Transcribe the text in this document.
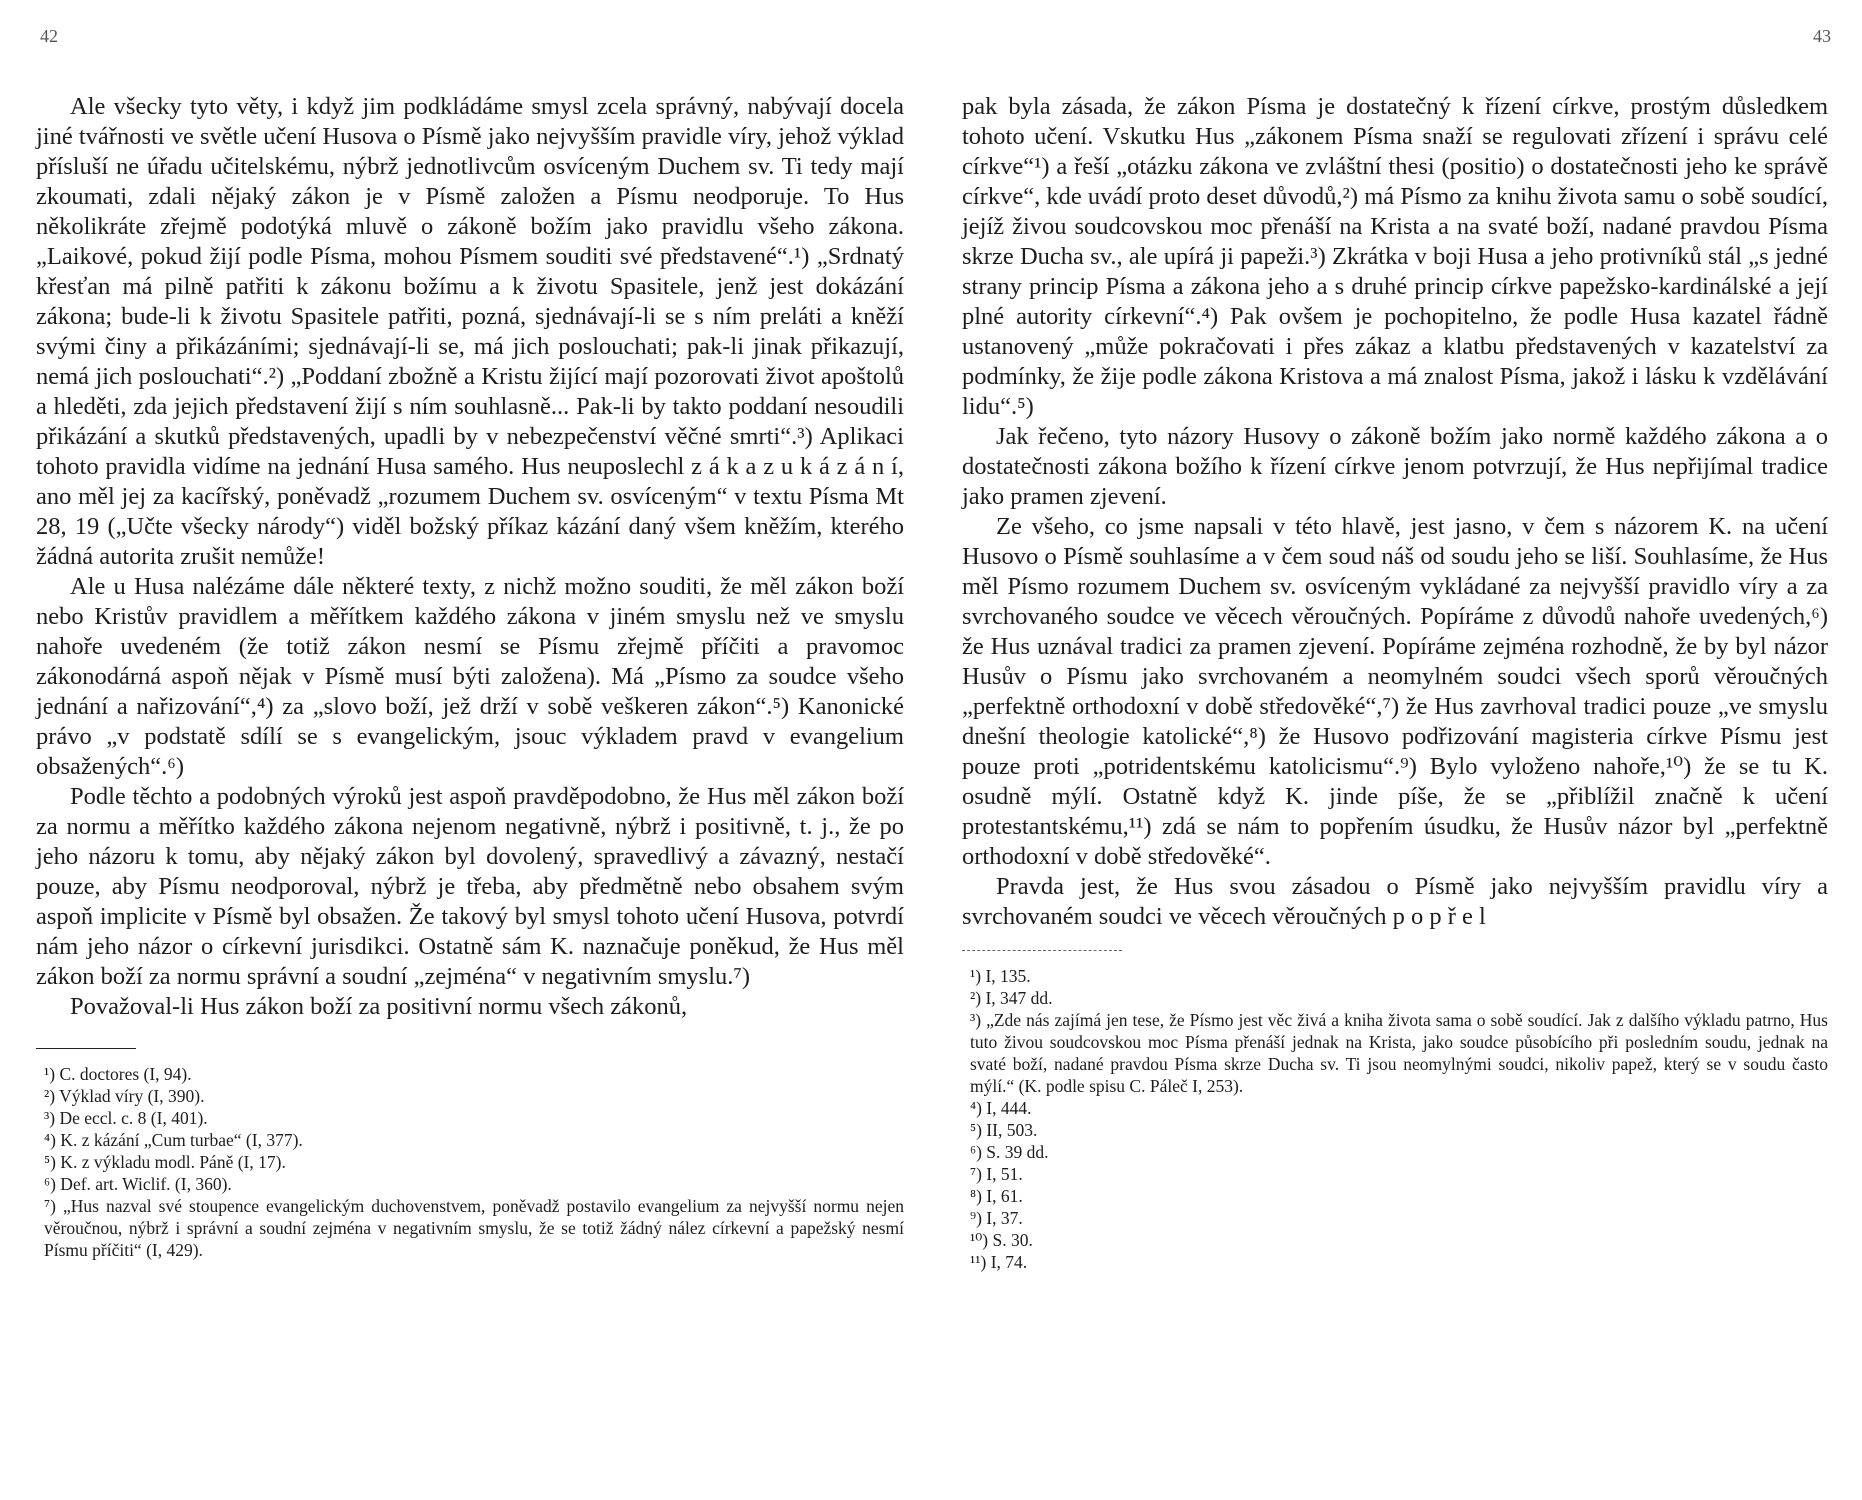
42	43

Ale všecky tyto věty, i když jim podkládáme smysl zcela správný, nabývají docela jiné tvářnosti ve světle učení Husova o Písmě jako nejvyšším pravidle víry, jehož výklad přísluší ne úřadu učitelskému, nýbrž jednotlivcům osvíceným Duchem sv. Ti tedy mají zkoumati, zdali nějaký zákon je v Písmě založen a Písmu neodporuje. To Hus několikráte zřejmě podotýká mluvě o zákoně božím jako pravidlu všeho zákona. „Laikové, pokud žijí podle Písma, mohou Písmem souditi své představené“.¹) „Srdnatý křesťan má pilně patřiti k zákonu božímu a k životu Spasitele, jenž jest dokázání zákona; bude-li k životu Spasitele patřiti, pozná, sjednávají-li se s ním preláti a kněží svými činy a přikázáními; sjednávají-li se, má jich poslouchati; pak-li jinak přikazují, nemá jich poslouchati“.²) „Poddaní zbožně a Kristu žijící mají pozorovati život apoštolů a hleděti, zda jejich představení žijí s ním souhlasně... Pak-li by takto poddaní nesoudili přikázání a skutků představených, upadli by v nebezpečenství věčné smrti“.³) Aplikaci tohoto pravidla vidíme na jednání Husa samého. Hus neuposlechl z á k a z u k á z á n í, ano měl jej za kacířský, poněvadž „rozumem Duchem sv. osvíceným“ v textu Písma Mt 28, 19 („Učte všecky národy“) viděl božský příkaz kázání daný všem kněžím, kterého žádná autorita zrušit nemůže!

Ale u Husa nalézáme dále některé texty, z nichž možno souditi, že měl zákon boží nebo Kristův pravidlem a měřítkem každého zákona v jiném smyslu než ve smyslu nahoře uvedeném (že totiž zákon nesmí se Písmu zřejmě příčiti a pravomoc zákonodárná aspoň nějak v Písmě musí býti založena). Má „Písmo za soudce všeho jednání a nařizování“,⁴) za „slovo boží, jež drží v sobě veškeren zákon“.⁵) Kanonické právo „v podstatě sdílí se s evangelickým, jsouc výkladem pravd v evangelium obsažených“.⁶)

Podle těchto a podobných výroků jest aspoň pravděpodobno, že Hus měl zákon boží za normu a měřítko každého zákona nejenom negativně, nýbrž i positivně, t. j., že po jeho názoru k tomu, aby nějaký zákon byl dovolený, spravedlivý a závazný, nestačí pouze, aby Písmu neodporoval, nýbrž je třeba, aby předmětně nebo obsahem svým aspoň implicite v Písmě byl obsažen. Že takový byl smysl tohoto učení Husova, potvrdí nám jeho názor o církevní jurisdikci. Ostatně sám K. naznačuje poněkud, že Hus měl zákon boží za normu správní a soudní „zejména“ v negativním smyslu.⁷)

Považoval-li Hus zákon boží za positivní normu všech zákonů,

¹) C. doctores (I, 94).
²) Výklad víry (I, 390).
³) De eccl. c. 8 (I, 401).
⁴) K. z kázání „Cum turbae“ (I, 377).
⁵) K. z výkladu modl. Páně (I, 17).
⁶) Def. art. Wiclif. (I, 360).
⁷) „Hus nazval své stoupence evangelickým duchovenstvem, poněvadž postavilo evangelium za nejvyšší normu nejen věroučnou, nýbrž i správní a soudní zejména v negativním smyslu, že se totiž žádný nález církevní a papežský nesmí Písmu příčiti“ (I, 429).

pak byla zásada, že zákon Písma je dostatečný k řízení církve, prostým důsledkem tohoto učení. Vskutku Hus „zákonem Písma snaží se regulovati zřízení i správu celé církve“¹) a řeší „otázku zákona ve zvláštní thesi (positio) o dostatečnosti jeho ke správě církve“, kde uvádí proto deset důvodů,²) má Písmo za knihu života samu o sobě soudící, jejíž živou soudcovskou moc přenáší na Krista a na svaté boží, nadané pravdou Písma skrze Ducha sv., ale upírá ji papeži.³) Zkrátka v boji Husa a jeho protivníků stál „s jedné strany princip Písma a zákona jeho a s druhé princip církve papežsko-kardinálské a její plné autority církevní“.⁴) Pak ovšem je pochopitelno, že podle Husa kazatel řádně ustanovený „může pokračovati i přes zákaz a klatbu představených v kazatelství za podmínky, že žije podle zákona Kristova a má znalost Písma, jakož i lásku k vzdělávání lidu“.⁵)

Jak řečeno, tyto názory Husovy o zákoně božím jako normě každého zákona a o dostatečnosti zákona božího k řízení církve jenom potvrzují, že Hus nepřijímal tradice jako pramen zjevení.

Ze všeho, co jsme napsali v této hlavě, jest jasno, v čem s názorem K. na učení Husovo o Písmě souhlasíme a v čem soud náš od soudu jeho se liší. Souhlasíme, že Hus měl Písmo rozumem Duchem sv. osvíceným vykládané za nejvyšší pravidlo víry a za svrchovaného soudce ve věcech věroučných. Popíráme z důvodů nahoře uvedených,⁶) že Hus uznával tradici za pramen zjevení. Popíráme zejména rozhodně, že by byl názor Husův o Písmu jako svrchovaném a neomylném soudci všech sporů věroučných „perfektně orthodoxní v době středověké“,⁷) že Hus zavrhoval tradici pouze „ve smyslu dnešní theologie katolické“,⁸) že Husovo podřizování magisteria církve Písmu jest pouze proti „potridentskému katolicismu“.⁹) Bylo vyloženo nahoře,¹⁰) že se tu K. osudně mýlí. Ostatně když K. jinde píše, že se „přiblížil značně k učení protestantskému,¹¹) zdá se nám to popřením úsudku, že Husův názor byl „perfektně orthodoxní v době středověké“.

Pravda jest, že Hus svou zásadou o Písmě jako nejvyšším pravidlu víry a svrchovaném soudci ve věcech věroučných p o p ř e l

¹) I, 135.
²) I, 347 dd.
³) „Zde nás zajímá jen tese, že Písmo jest věc živá a kniha života sama o sobě soudící. Jak z dalšího výkladu patrno, Hus tuto živou soudcovskou moc Písma přenáší jednak na Krista, jako soudce působícího při posledním soudu, jednak na svaté boží, nadané pravdou Písma skrze Ducha sv. Ti jsou neomylnými soudci, nikoliv papež, který se v soudu často mýlí.“ (K. podle spisu C. Páleč I, 253).
⁴) I, 444.
⁵) II, 503.
⁶) S. 39 dd.
⁷) I, 51.
⁸) I, 61.
⁹) I, 37.
¹⁰) S. 30.
¹¹) I, 74.
